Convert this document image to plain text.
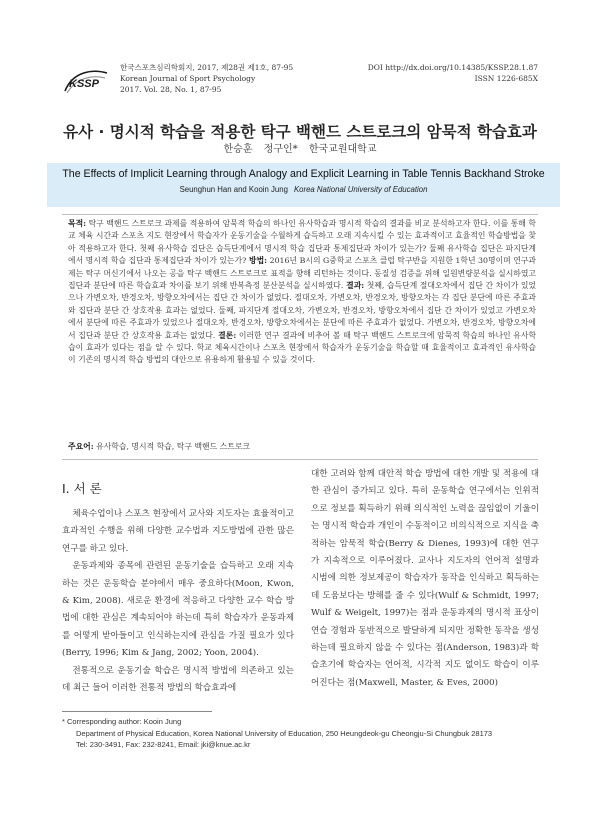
KSSP
한국스포츠심리학회지, 2017, 제28권 제1호, 87-95
Korean Journal of Sport Psychology
2017. Vol. 28, No. 1, 87-95
DOI http://dx.doi.org/10.14385/KSSP.28.1.87
ISSN 1226-685X
유사 · 명시적 학습을 적용한 탁구 백핸드 스트로크의 암묵적 학습효과
한승훈 정구인* 한국교원대학교
The Effects of Implicit Learning through Analogy and Explicit Learning in Table Tennis Backhand Stroke
Seunghun Han and Kooin Jung Korea National University of Education
목적: 탁구 백핸드 스트로크 과제를 적용하여 암묵적 학습의 하나인 유사학습과 명시적 학습의 결과를 비교 분석하고자 한다. 이를 통해 학교 체육 시간과 스포츠 지도 현장에서 학습자가 운동기술을 수월하게 습득하고 오래 지속시킬 수 있는 효과적이고 효율적인 학습방법을 찾아 적용하고자 한다. 첫째 유사학습 집단은 습득단계에서 명시적 학습 집단과 통제집단과 차이가 있는가? 둘째 유사학습 집단은 파지단계에서 명시적 학습 집단과 통제집단과 차이가 있는가? 방법: 2016년 B시의 G중학교 스포츠 클럽 탁구반을 지원한 1학년 30명이며 연구과제는 탁구 머신기에서 나오는 공을 탁구 백핸드 스트로크로 표적을 향해 리턴하는 것이다. 동질성 검증을 위해 일원변량분석을 실시하였고 집단과 분단에 따른 학습효과 차이를 보기 위해 반복측정 분산분석을 실시하였다. 결과: 첫째, 습득단계 절대오차에서 집단 간 차이가 있었으나 가변오차, 반경오차, 방향오차에서는 집단 간 차이가 없었다. 절대오차, 가변오차, 반경오차, 방향오차는 각 집단 분단에 따른 주효과와 집단과 분단 간 상호작용 효과는 없었다. 둘째, 파지단계 절대오차, 가변오차, 반경오차, 방향오차에서 집단 간 차이가 있었고 가변오차에서 분단에 따른 주효과가 있었으나 절대오차, 반경오차, 방향오차에서는 분단에 따른 주효과가 없었다. 가변오차, 반경오차, 방향오차에서 집단과 분단 간 상호작용 효과는 없었다. 결론: 이러한 연구 결과에 비추어 볼 때 탁구 백핸드 스트로크에 암묵적 학습의 하나인 유사학습이 효과가 있다는 점을 알 수 있다. 학교 체육시간이나 스포츠 현장에서 학습자가 운동기술을 학습할 때 효율적이고 효과적인 유사학습이 기존의 명시적 학습 방법의 대안으로 유용하게 활용될 수 있을 것이다.
주요어: 유사학습, 명시적 학습, 탁구 백핸드 스트로크
I. 서 론

체육수업이나 스포츠 현장에서 교사와 지도자는 효율적이고 효과적인 수행을 위해 다양한 교수법과 지도방법에 관한 많은 연구를 하고 있다.

운동과제와 종목에 관련된 운동기술을 습득하고 오래 지속하는 것은 운동학습 분야에서 매우 중요하다(Moon, Kwon, & Kim, 2008). 새로운 환경에 적응하고 다양한 교수 학습 방법에 대한 관심은 계속되어야 하는데 특히 학습자가 운동과제를 어떻게 받아들이고 인식하는지에 관심을 가질 필요가 있다(Berry, 1996; Kim & Jang, 2002; Yoon, 2004).

전통적으로 운동기술 학습은 명시적 방법에 의존하고 있는데 최근 들어 이러한 전통적 방법의 학습효과에

대한 고려와 함께 대안적 학습 방법에 대한 개발 및 적용에 대한 관심이 증가되고 있다. 특히 운동학습 연구에서는 인위적으로 정보를 획득하기 위해 의식적인 노력을 끊임없이 기울이는 명시적 학습과 개인이 수동적이고 비의식적으로 지식을 축적하는 암묵적 학습(Berry & Dienes, 1993)에 대한 연구가 지속적으로 이루어졌다. 교사나 지도자의 언어적 설명과 시범에 의한 정보제공이 학습자가 동작을 인식하고 획득하는데 도움보다는 방해를 줄 수 있다(Wulf & Schmidt, 1997; Wulf & Weigelt, 1997)는 점과 운동과제의 명시적 표상이 연습 경험과 동반적으로 발달하게 되지만 정확한 동작을 생성하는데 필요하지 않을 수 있다는 점(Anderson, 1983)과 학습초기에 학습자는 언어적, 시각적 지도 없이도 학습이 이루어진다는 점(Maxwell, Master, & Eves, 2000)

* Corresponding author: Kooin Jung
Department of Physical Education, Korea National University of Education, 250 Heungdeok-gu Cheongju-Si Chungbuk 28173
Tel: 230-3491, Fax: 232-8241, Email: jki@knue.ac.kr
